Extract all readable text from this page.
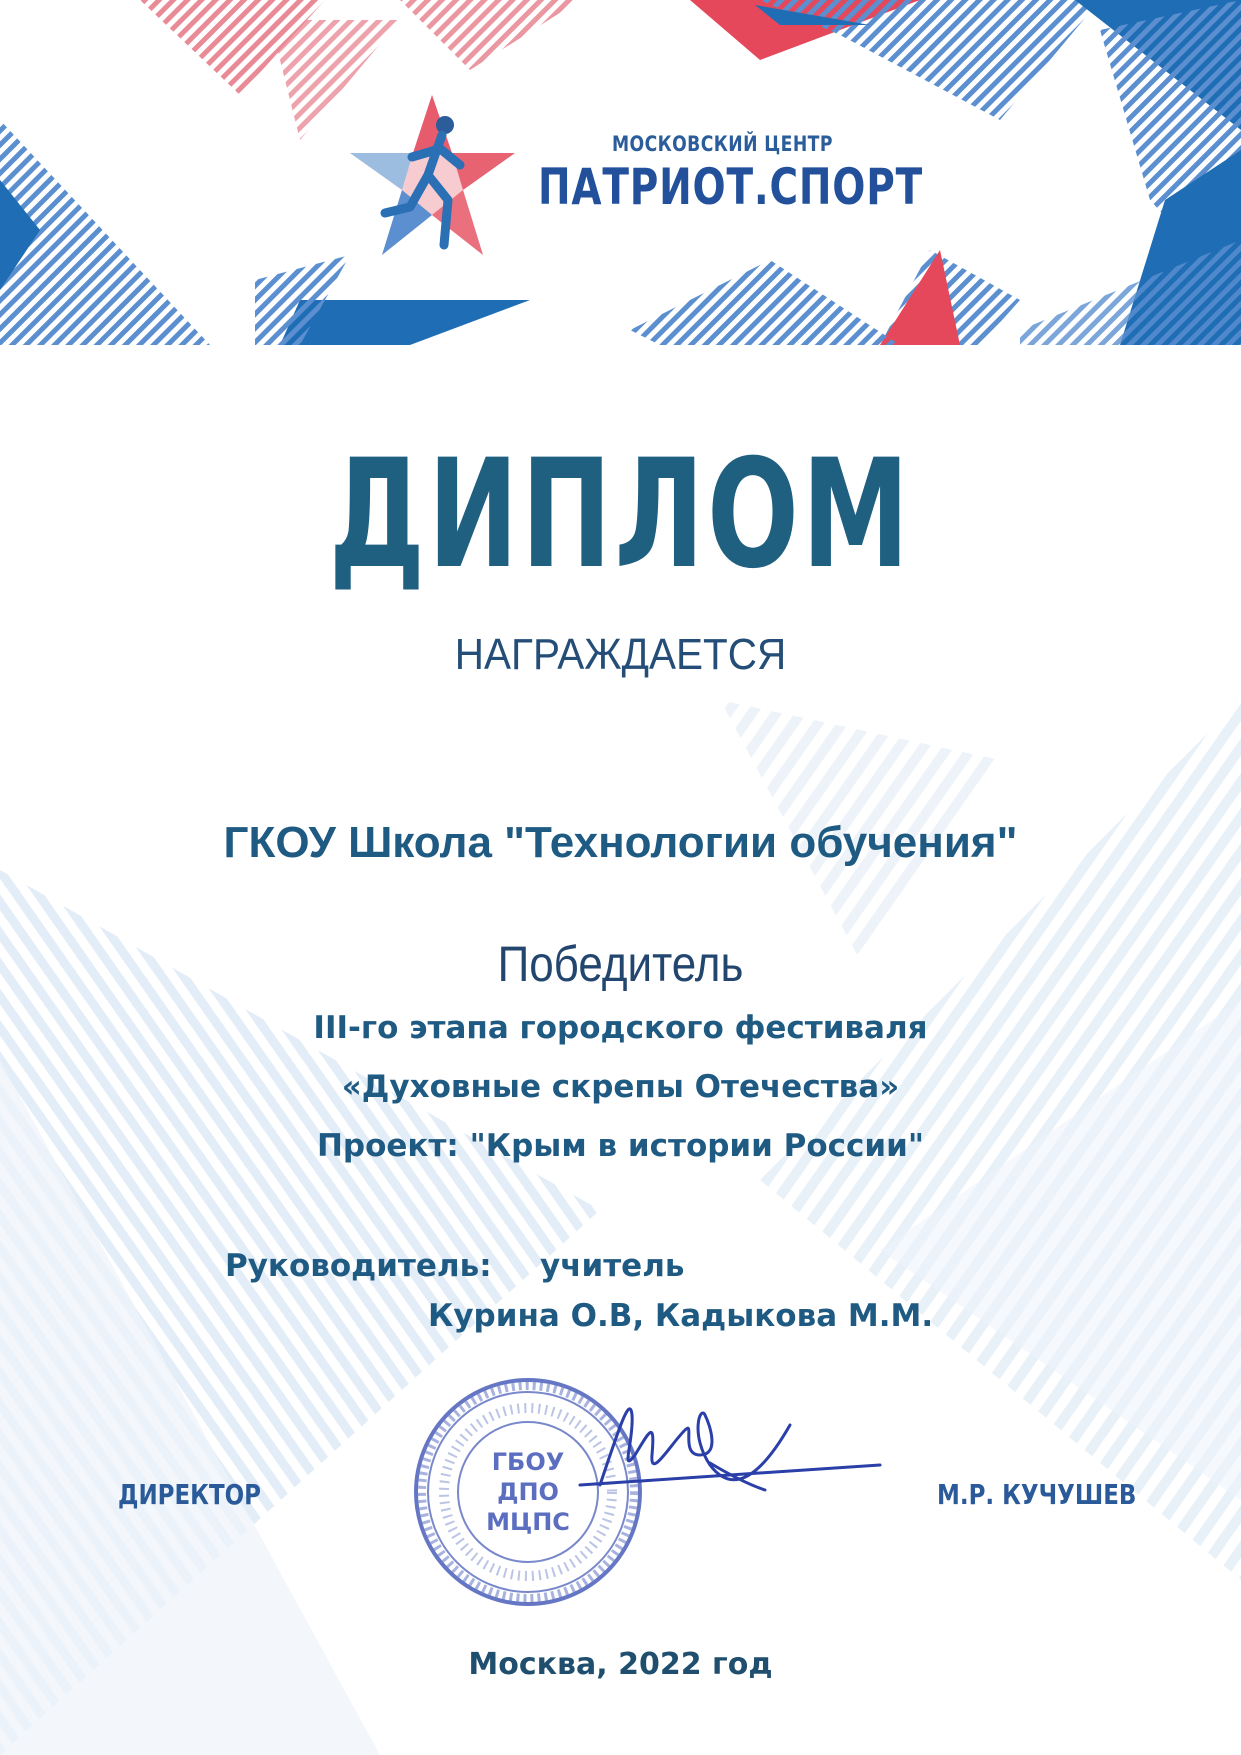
МОСКОВСКИЙ ЦЕНТР
ПАТРИОТ.СПОРТ
ДИПЛОМ
НАГРАЖДАЕТСЯ
ГКОУ Школа "Технологии обучения"
Победитель
III-го этапа городского фестиваля
«Духовные скрепы Отечества»
Проект: "Крым в истории России"
Руководитель: учитель
Курина О.В, Кадыкова М.М.
ДИРЕКТОР	М.Р. КУЧУШЕВ
ГБОУ
ДПО
МЦПС
Москва, 2022 год
